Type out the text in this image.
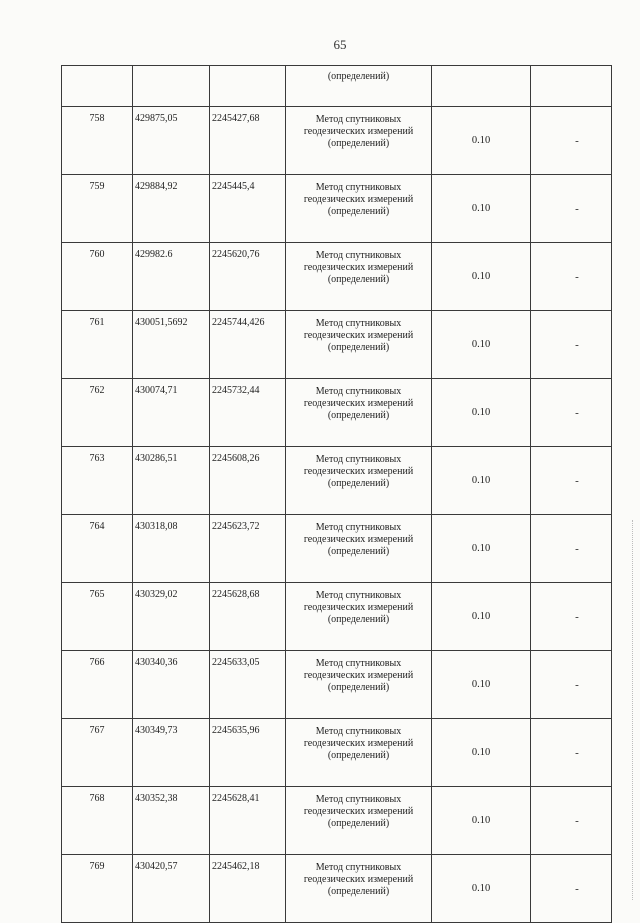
65
			(определений)		
758	429875,05	2245427,68	Метод спутниковых
геодезических измерений
(определений)	0.10	-
759	429884,92	2245445,4	Метод спутниковых
геодезических измерений
(определений)	0.10	-
760	429982.6	2245620,76	Метод спутниковых
геодезических измерений
(определений)	0.10	-
761	430051,5692	2245744,426	Метод спутниковых
геодезических измерений
(определений)	0.10	-
762	430074,71	2245732,44	Метод спутниковых
геодезических измерений
(определений)	0.10	-
763	430286,51	2245608,26	Метод спутниковых
геодезических измерений
(определений)	0.10	-
764	430318,08	2245623,72	Метод спутниковых
геодезических измерений
(определений)	0.10	-
765	430329,02	2245628,68	Метод спутниковых
геодезических измерений
(определений)	0.10	-
766	430340,36	2245633,05	Метод спутниковых
геодезических измерений
(определений)	0.10	-
767	430349,73	2245635,96	Метод спутниковых
геодезических измерений
(определений)	0.10	-
768	430352,38	2245628,41	Метод спутниковых
геодезических измерений
(определений)	0.10	-
769	430420,57	2245462,18	Метод спутниковых
геодезических измерений
(определений)	0.10	-
